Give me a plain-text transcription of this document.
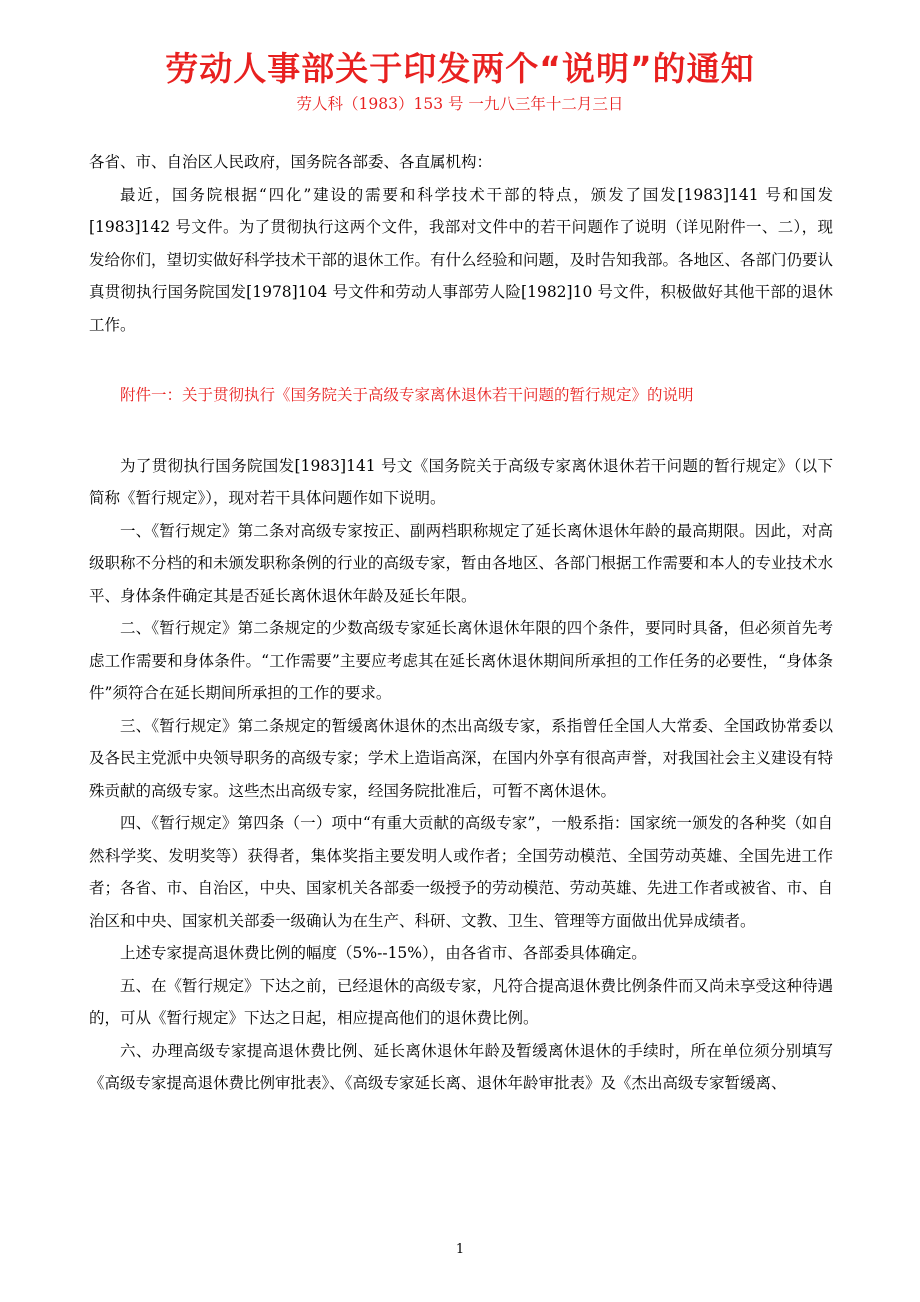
劳动人事部关于印发两个“说明”的通知
劳人科（1983）153 号 一九八三年十二月三日

各省、市、自治区人民政府，国务院各部委、各直属机构：

最近，国务院根据“四化”建设的需要和科学技术干部的特点，颁发了国发[1983]141 号和国发[1983]142 号文件。为了贯彻执行这两个文件，我部对文件中的若干问题作了说明（详见附件一、二），现发给你们，望切实做好科学技术干部的退休工作。有什么经验和问题，及时告知我部。各地区、各部门仍要认真贯彻执行国务院国发[1978]104 号文件和劳动人事部劳人险[1982]10 号文件，积极做好其他干部的退休工作。

附件一：关于贯彻执行《国务院关于高级专家离休退休若干问题的暂行规定》的说明

为了贯彻执行国务院国发[1983]141 号文《国务院关于高级专家离休退休若干问题的暂行规定》（以下简称《暂行规定》），现对若干具体问题作如下说明。

一、《暂行规定》第二条对高级专家按正、副两档职称规定了延长离休退休年龄的最高期限。因此，对高级职称不分档的和未颁发职称条例的行业的高级专家，暂由各地区、各部门根据工作需要和本人的专业技术水平、身体条件确定其是否延长离休退休年龄及延长年限。

二、《暂行规定》第二条规定的少数高级专家延长离休退休年限的四个条件，要同时具备，但必须首先考虑工作需要和身体条件。“工作需要”主要应考虑其在延长离休退休期间所承担的工作任务的必要性，“身体条件”须符合在延长期间所承担的工作的要求。

三、《暂行规定》第二条规定的暂缓离休退休的杰出高级专家，系指曾任全国人大常委、全国政协常委以及各民主党派中央领导职务的高级专家；学术上造诣高深，在国内外享有很高声誉，对我国社会主义建设有特殊贡献的高级专家。这些杰出高级专家，经国务院批准后，可暂不离休退休。

四、《暂行规定》第四条（一）项中“有重大贡献的高级专家”，一般系指：国家统一颁发的各种奖（如自然科学奖、发明奖等）获得者，集体奖指主要发明人或作者；全国劳动模范、全国劳动英雄、全国先进工作者；各省、市、自治区，中央、国家机关各部委一级授予的劳动模范、劳动英雄、先进工作者或被省、市、自治区和中央、国家机关部委一级确认为在生产、科研、文教、卫生、管理等方面做出优异成绩者。

上述专家提高退休费比例的幅度（5%--15%），由各省市、各部委具体确定。

五、在《暂行规定》下达之前，已经退休的高级专家，凡符合提高退休费比例条件而又尚未享受这种待遇的，可从《暂行规定》下达之日起，相应提高他们的退休费比例。

六、办理高级专家提高退休费比例、延长离休退休年龄及暂缓离休退休的手续时，所在单位须分别填写《高级专家提高退休费比例审批表》、《高级专家延长离、退休年龄审批表》及《杰出高级专家暂缓离、

1
